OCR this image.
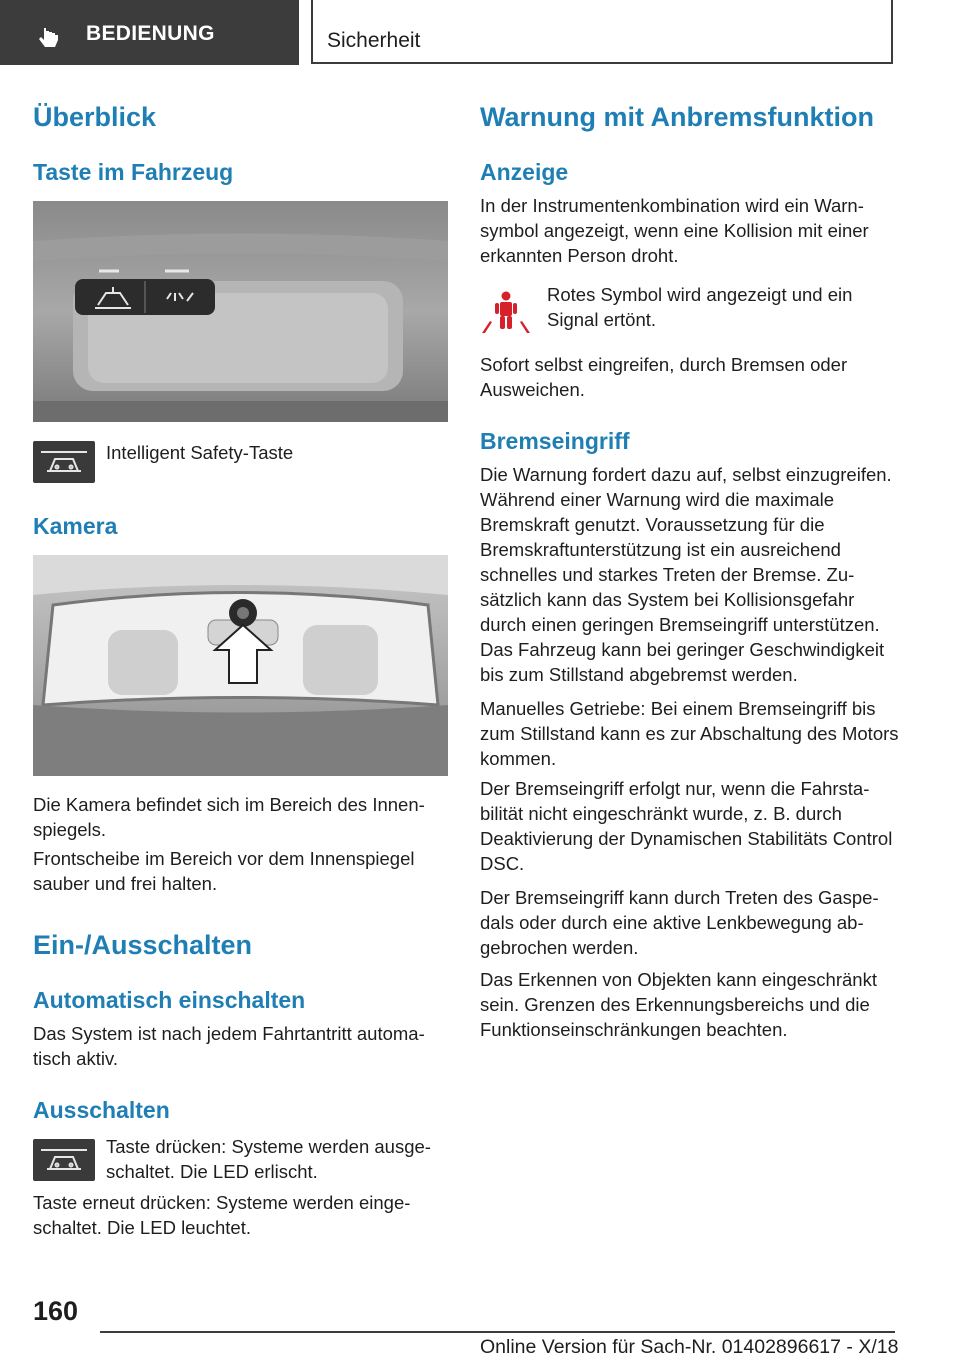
BEDIENUNG	Sicherheit
Überblick
Taste im Fahrzeug

Intelligent Safety-Taste

Kamera

Die Kamera befindet sich im Bereich des Innenspiegels.

Frontscheibe im Bereich vor dem Innenspiegel sauber und frei halten.

Ein-/Ausschalten
Automatisch einschalten

Das System ist nach jedem Fahrtantritt automatisch aktiv.

Ausschalten

Taste drücken: Systeme werden ausgeschaltet. Die LED erlischt.

Taste erneut drücken: Systeme werden eingeschaltet. Die LED leuchtet.

Warnung mit Anbremsfunktion
Anzeige

In der Instrumentenkombination wird ein Warnsymbol angezeigt, wenn eine Kollision mit einer erkannten Person droht.

Rotes Symbol wird angezeigt und ein Signal ertönt.

Sofort selbst eingreifen, durch Bremsen oder Ausweichen.

Bremseingriff

Die Warnung fordert dazu auf, selbst einzugreifen. Während einer Warnung wird die maximale Bremskraft genutzt. Voraussetzung für die Bremskraftunterstützung ist ein ausreichend schnelles und starkes Treten der Bremse. Zusätzlich kann das System bei Kollisionsgefahr durch einen geringen Bremseingriff unterstützen. Das Fahrzeug kann bei geringer Geschwindigkeit bis zum Stillstand abgebremst werden.

Manuelles Getriebe: Bei einem Bremseingriff bis zum Stillstand kann es zur Abschaltung des Motors kommen.

Der Bremseingriff erfolgt nur, wenn die Fahrstabilität nicht eingeschränkt wurde, z. B. durch Deaktivierung der Dynamischen Stabilitäts Control DSC.

Der Bremseingriff kann durch Treten des Gaspedals oder durch eine aktive Lenkbewegung abgebrochen werden.

Das Erkennen von Objekten kann eingeschränkt sein. Grenzen des Erkennungsbereichs und die Funktionseinschränkungen beachten.

160
Online Version für Sach-Nr. 01402896617 - X/18
